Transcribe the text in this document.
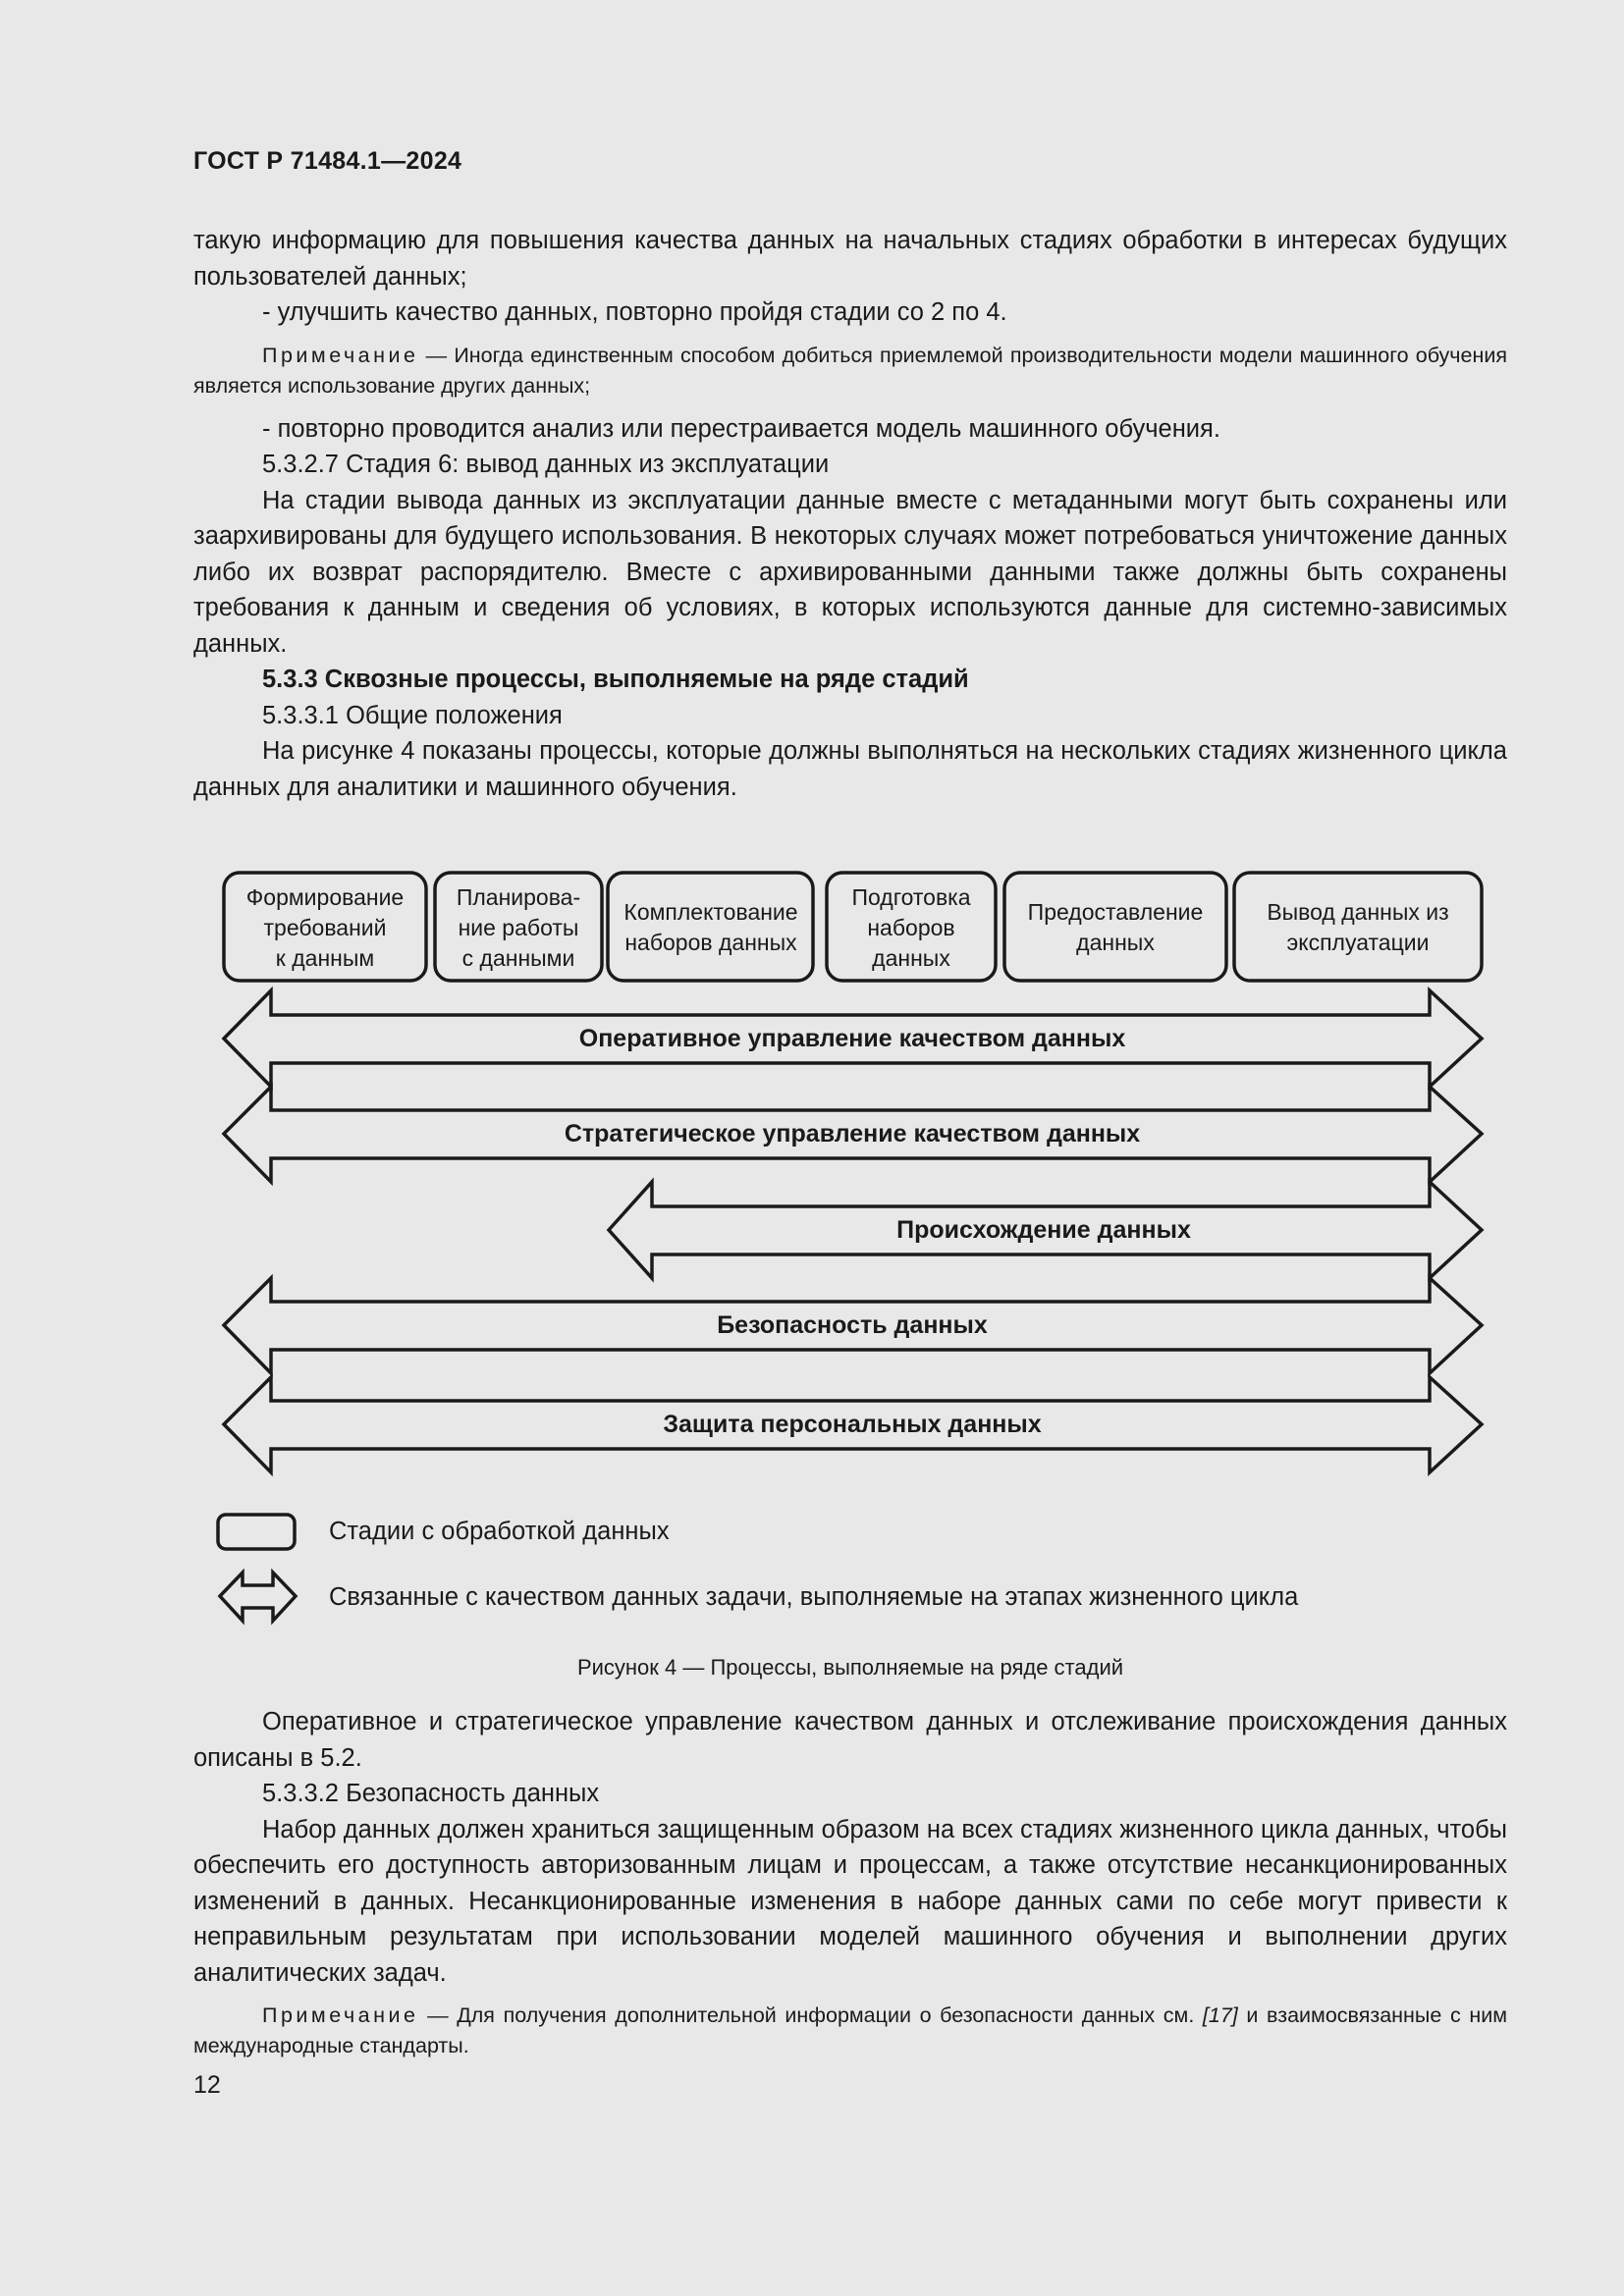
ГОСТ Р 71484.1—2024

такую информацию для повышения качества данных на начальных стадиях обработки в интересах будущих пользователей данных;

- улучшить качество данных, повторно пройдя стадии со 2 по 4.

Примечание — Иногда единственным способом добиться приемлемой производительности модели машинного обучения является использование других данных;

- повторно проводится анализ или перестраивается модель машинного обучения.

5.3.2.7 Стадия 6: вывод данных из эксплуатации

На стадии вывода данных из эксплуатации данные вместе с метаданными могут быть сохранены или заархивированы для будущего использования. В некоторых случаях может потребоваться уничтожение данных либо их возврат распорядителю. Вместе с архивированными данными также должны быть сохранены требования к данным и сведения об условиях, в которых используются данные для системно-зависимых данных.

5.3.3 Сквозные процессы, выполняемые на ряде стадий

5.3.3.1 Общие положения

На рисунке 4 показаны процессы, которые должны выполняться на нескольких стадиях жизненного цикла данных для аналитики и машинного обучения.

Формирование
требований
к данным
Планирова-
ние работы
с данными
Комплектование
наборов данных
Подготовка
наборов
данных
Предоставление
данных
Вывод данных из
эксплуатации
Оперативное управление качеством данных
Стратегическое управление качеством данных
Происхождение данных
Безопасность данных
Защита персональных данных
Стадии с обработкой данных
Связанные с качеством данных задачи, выполняемые на этапах жизненного цикла
Рисунок 4 — Процессы, выполняемые на ряде стадий

Оперативное и стратегическое управление качеством данных и отслеживание происхождения данных описаны в 5.2.

5.3.3.2 Безопасность данных

Набор данных должен храниться защищенным образом на всех стадиях жизненного цикла данных, чтобы обеспечить его доступность авторизованным лицам и процессам, а также отсутствие несанкционированных изменений в данных. Несанкционированные изменения в наборе данных сами по себе могут привести к неправильным результатам при использовании моделей машинного обучения и выполнении других аналитических задач.

Примечание — Для получения дополнительной информации о безопасности данных см. [17] и взаимосвязанные с ним международные стандарты.

12
